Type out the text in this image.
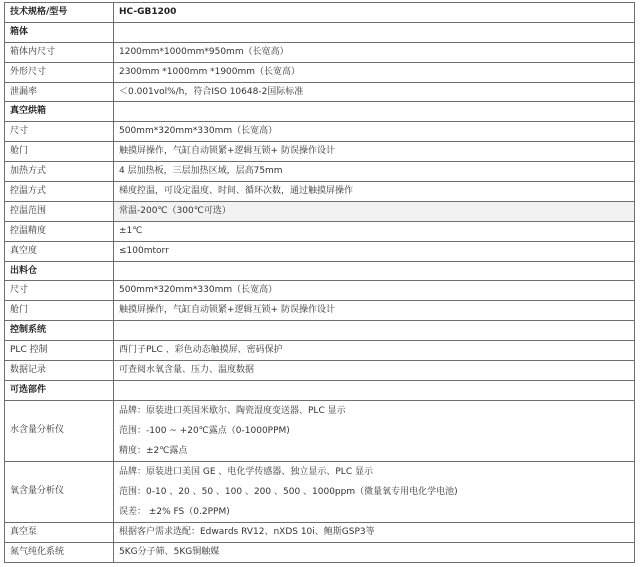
技术规格/型号	HC-GB1200
箱体	
箱体内尺寸	1200mm*1000mm*950mm（长宽高）
外形尺寸	2300mm *1000mm *1900mm（长宽高）
泄漏率	＜0.001vol%/h，符合ISO 10648-2国际标准
真空烘箱	
尺寸	500mm*320mm*330mm（长宽高）
舱门	触摸屏操作，气缸自动锁紧+逻辑互锁+ 防误操作设计
加热方式	4 层加热板，三层加热区域，层高75mm
控温方式	梯度控温，可设定温度、时间、循环次数，通过触摸屏操作
控温范围	常温-200℃（300℃可选）
控温精度	±1℃
真空度	≤100mtorr
出料仓	
尺寸	500mm*320mm*330mm（长宽高）
舱门	触摸屏操作，气缸自动锁紧+逻辑互锁+ 防误操作设计
控制系统	
PLC 控制	西门子PLC 、彩色动态触摸屏、密码保护
数据记录	可查阅水氧含量、压力、温度数据
可选部件	
水含量分析仪	品牌：原装进口英国米歇尔、陶瓷湿度变送器、PLC 显示
范围：-100 ~ +20℃露点（0-1000PPM)
精度：±2℃露点

氧含量分析仪	品牌：原装进口美国 GE 、电化学传感器、独立显示、PLC 显示
范围：0-10 、20 、50 、100 、200 、500 、1000ppm（微量氧专用电化学电池)
误差： ±2% FS（0.2PPM)

真空泵	根据客户需求选配：Edwards RV12、nXDS 10i、鲍斯GSP3等
氮气纯化系统	5KG分子筛、5KG铜触媒
